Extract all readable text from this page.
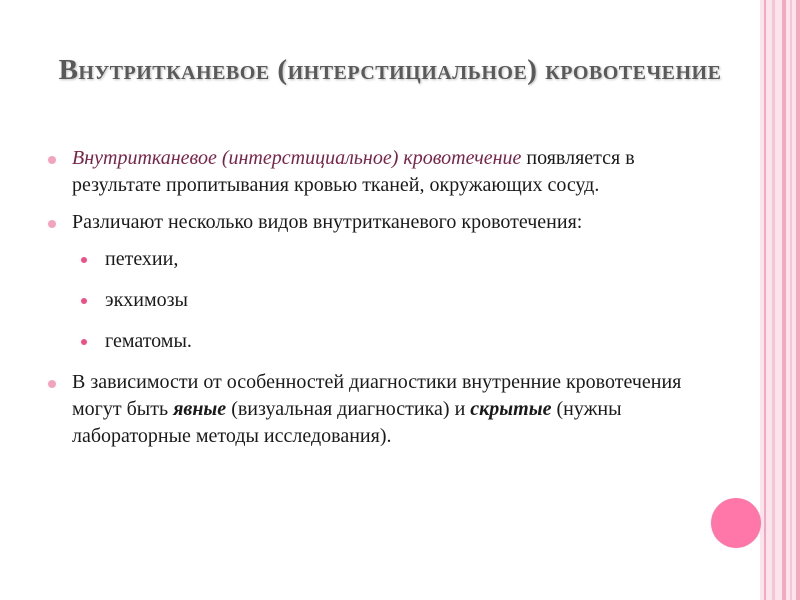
Внутритканевое (интерстициальное) кровотечение
Внутритканевое (интерстициальное) кровотечение появляется в результате пропитывания кровью тканей, окружающих сосуд.
Различают несколько видов внутритканевого кровотечения:
петехии,
экхимозы
гематомы.
В зависимости от особенностей диагностики внутренние кровотечения могут быть явные (визуальная диагностика) и скрытые (нужны лабораторные методы исследования).
